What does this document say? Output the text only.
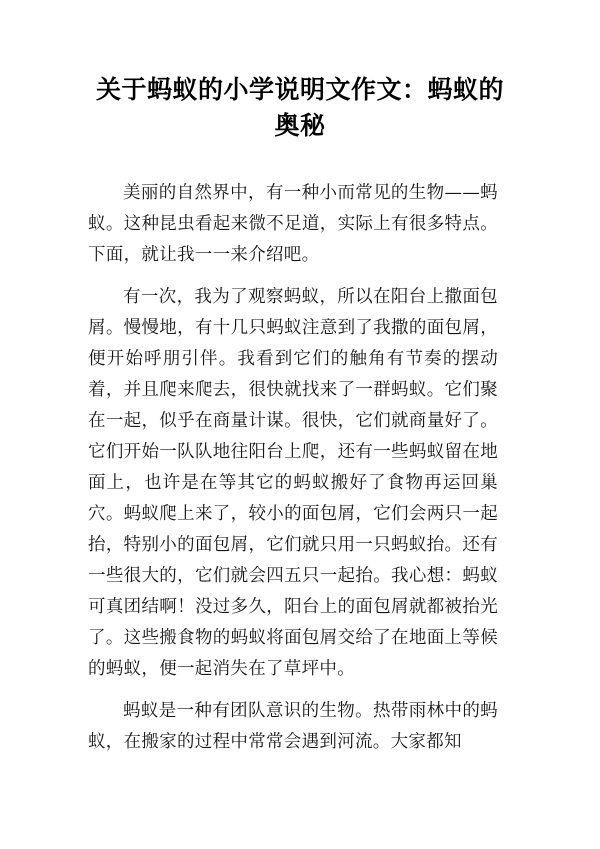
关于蚂蚁的小学说明文作文：蚂蚁的奥秘

美丽的自然界中，有一种小而常见的生物——蚂蚁。这种昆虫看起来微不足道，实际上有很多特点。下面，就让我一一来介绍吧。

有一次，我为了观察蚂蚁，所以在阳台上撒面包屑。慢慢地，有十几只蚂蚁注意到了我撒的面包屑，便开始呼朋引伴。我看到它们的触角有节奏的摆动着，并且爬来爬去，很快就找来了一群蚂蚁。它们聚在一起，似乎在商量计谋。很快，它们就商量好了。它们开始一队队地往阳台上爬，还有一些蚂蚁留在地面上，也许是在等其它的蚂蚁搬好了食物再运回巢穴。蚂蚁爬上来了，较小的面包屑，它们会两只一起抬，特别小的面包屑，它们就只用一只蚂蚁抬。还有一些很大的，它们就会四五只一起抬。我心想：蚂蚁可真团结啊！没过多久，阳台上的面包屑就都被抬光了。这些搬食物的蚂蚁将面包屑交给了在地面上等候的蚂蚁，便一起消失在了草坪中。

蚂蚁是一种有团队意识的生物。热带雨林中的蚂蚁，在搬家的过程中常常会遇到河流。大家都知
